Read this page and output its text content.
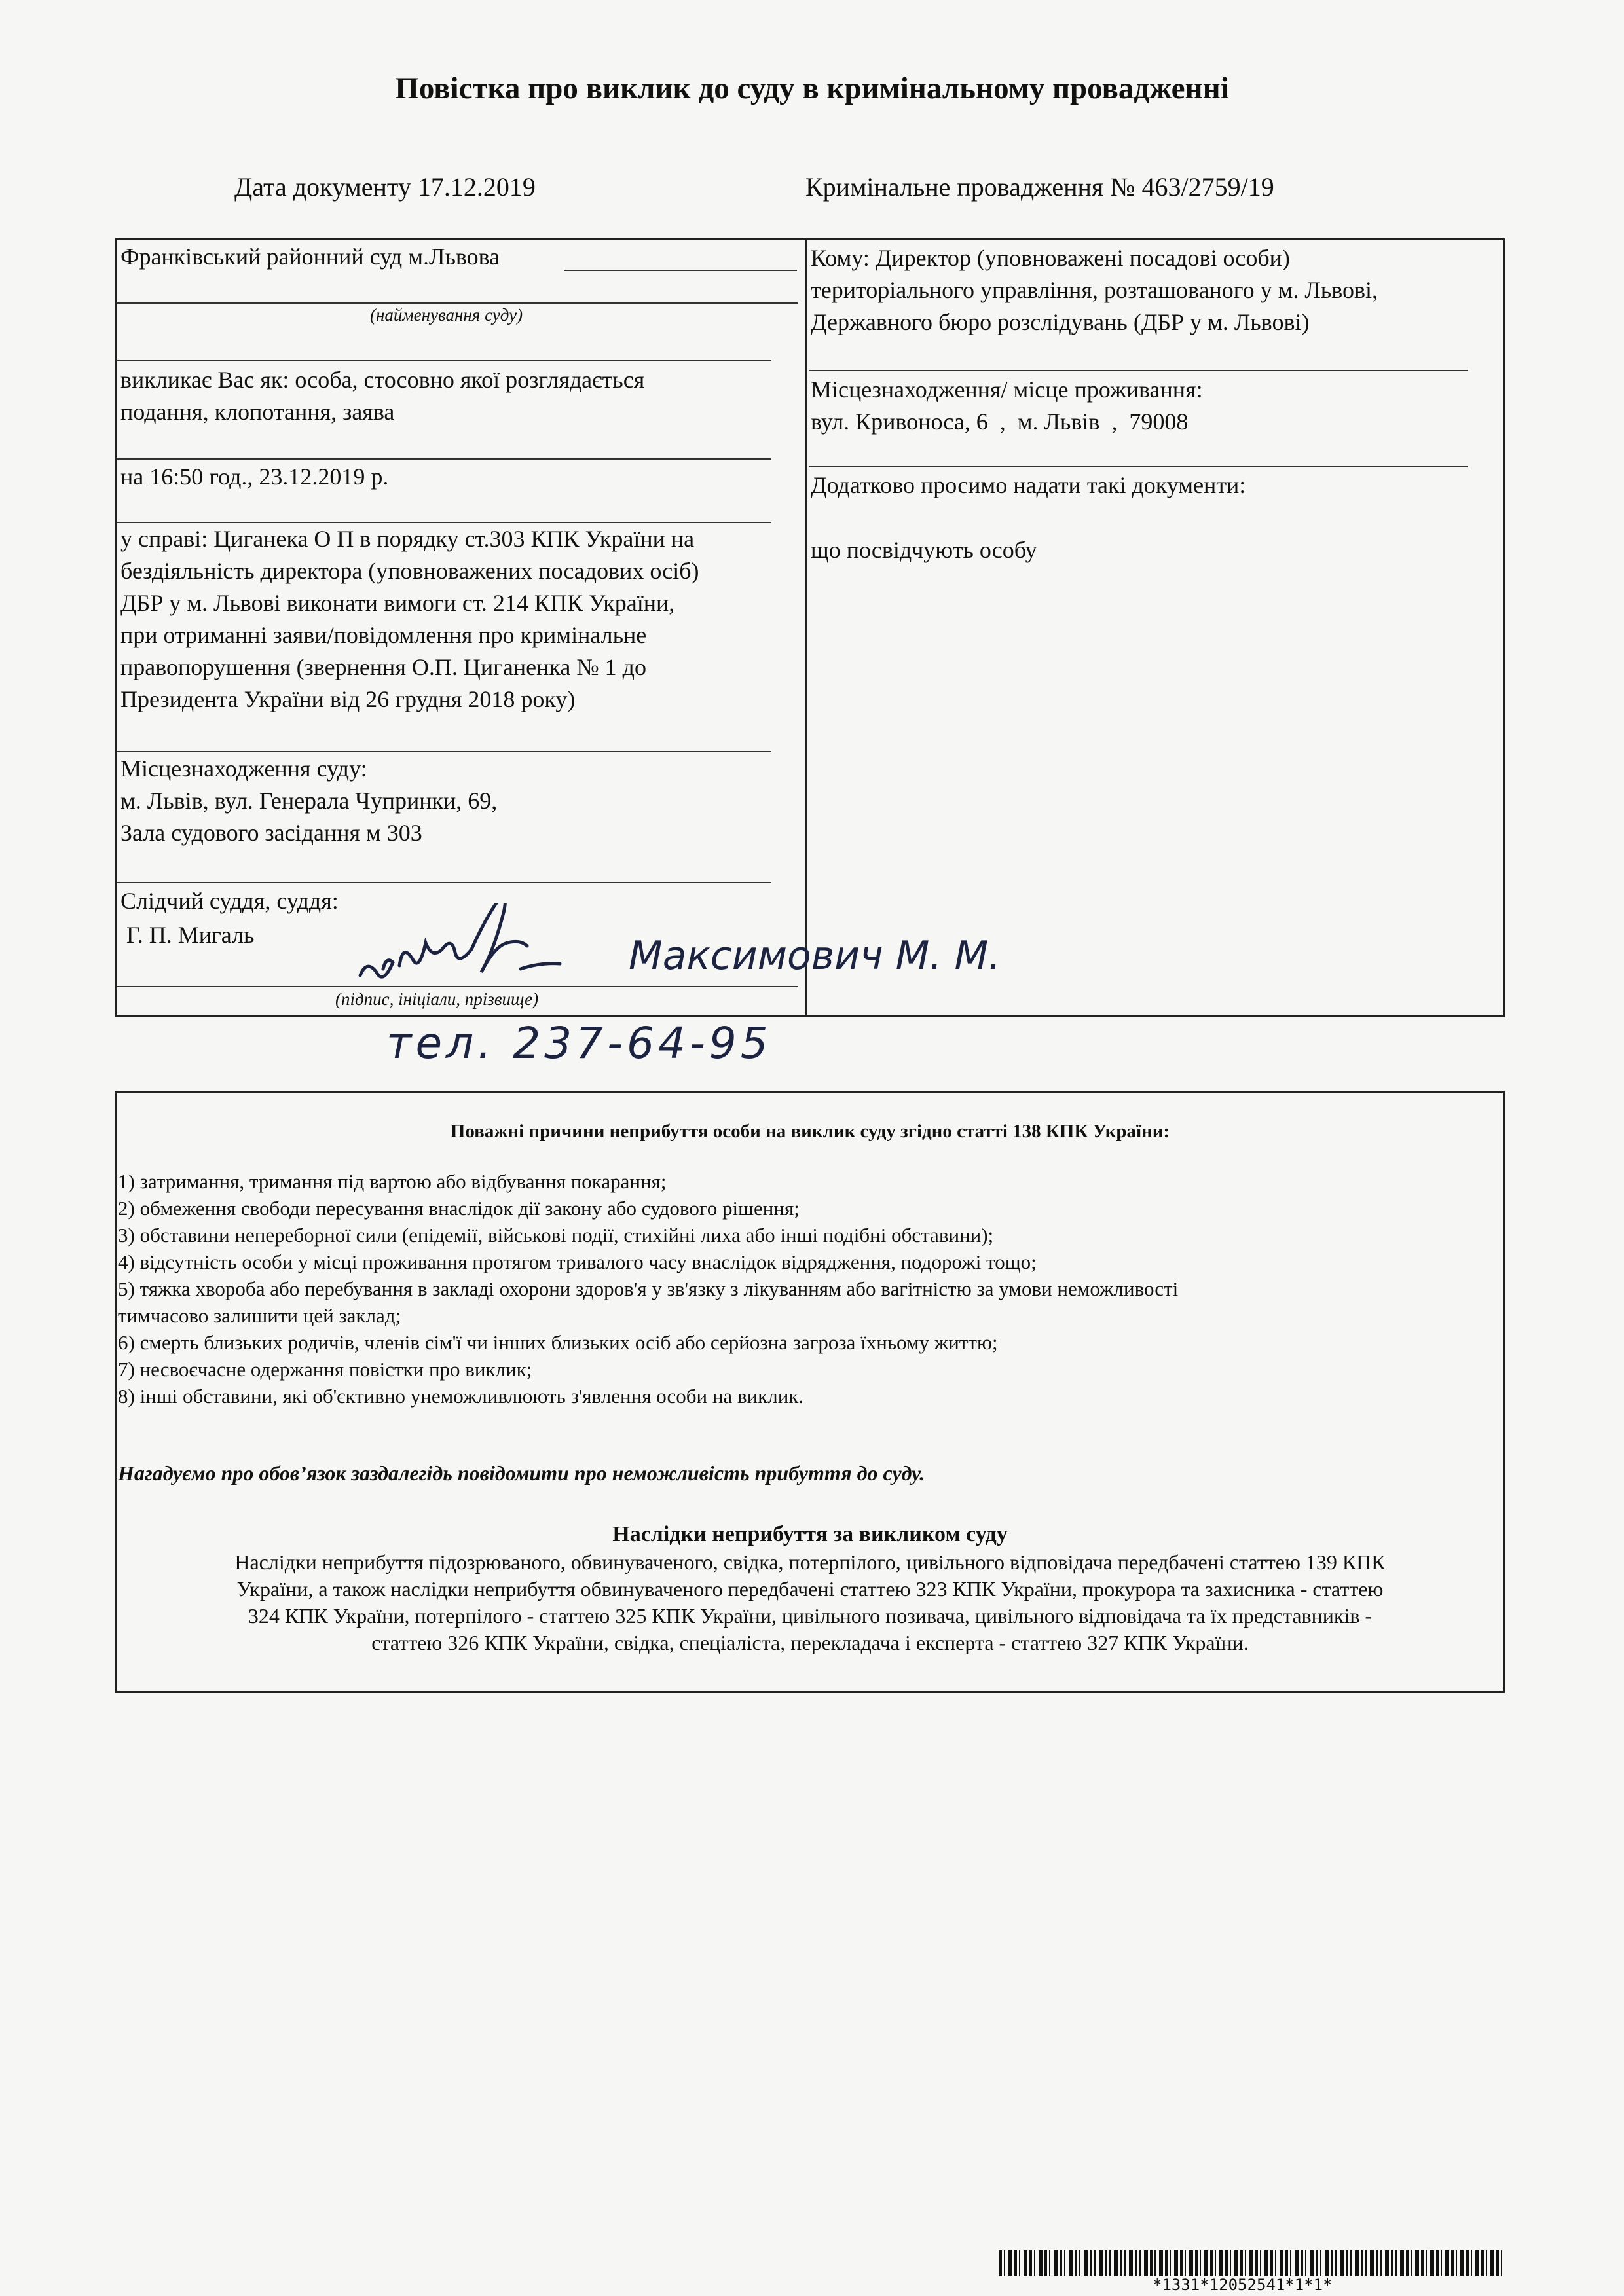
Повістка про виклик до суду в кримінальному провадженні
Дата документу 17.12.2019	Кримінальне провадження № 463/2759/19
Франківський районний суд м.Львова
(найменування суду)
викликає Вас як: особа, стосовно якої розглядається
подання, клопотання, заява
на 16:50 год., 23.12.2019 р.
у справі: Циганека О П в порядку ст.303 КПК України на
бездіяльність директора (уповноважених посадових осіб)
ДБР у м. Львові виконати вимоги ст. 214 КПК України,
при отриманні заяви/повідомлення про кримінальне
правопорушення (звернення О.П. Циганенка № 1 до
Президента України від 26 грудня 2018 року)
Місцезнаходження суду:
м. Львів, вул. Генерала Чупринки, 69,
Зала судового засідання м 303
Слідчий суддя, суддя:
Г. П. Мигаль
(підпис, ініціали, прізвище)
Максимович М. М.
тел. 237-64-95
Кому: Директор (уповноважені посадові особи)
територіального управління, розташованого у м. Львові,
Державного бюро розслідувань (ДБР у м. Львові)
Місцезнаходження/ місце проживання:
вул. Кривоноса, 6  ,  м. Львів  ,  79008
Додатково просимо надати такі документи:
що посвідчують особу
Поважні причини неприбуття особи на виклик суду згідно статті 138 КПК України:
1) затримання, тримання під вартою або відбування покарання;
2) обмеження свободи пересування внаслідок дії закону або судового рішення;
3) обставини непереборної сили (епідемії, військові події, стихійні лиха або інші подібні обставини);
4) відсутність особи у місці проживання протягом тривалого часу внаслідок відрядження, подорожі тощо;
5) тяжка хвороба або перебування в закладі охорони здоров'я у зв'язку з лікуванням або вагітністю за умови неможливості
тимчасово залишити цей заклад;
6) смерть близьких родичів, членів сім'ї чи інших близьких осіб або серйозна загроза їхньому життю;
7) несвоєчасне одержання повістки про виклик;
8) інші обставини, які об'єктивно унеможливлюють з'явлення особи на виклик.
Нагадуємо про обов’язок заздалегідь повідомити про неможливість прибуття до суду.
Наслідки неприбуття за викликом суду
Наслідки неприбуття підозрюваного, обвинуваченого, свідка, потерпілого, цивільного відповідача передбачені статтею 139 КПК
України, а також наслідки неприбуття обвинуваченого передбачені статтею 323 КПК України, прокурора та захисника - статтею
324 КПК України, потерпілого - статтею 325 КПК України, цивільного позивача, цивільного відповідача та їх представників -
статтею 326 КПК України, свідка, спеціаліста, перекладача і експерта - статтею 327 КПК України.
*1331*12052541*1*1*
